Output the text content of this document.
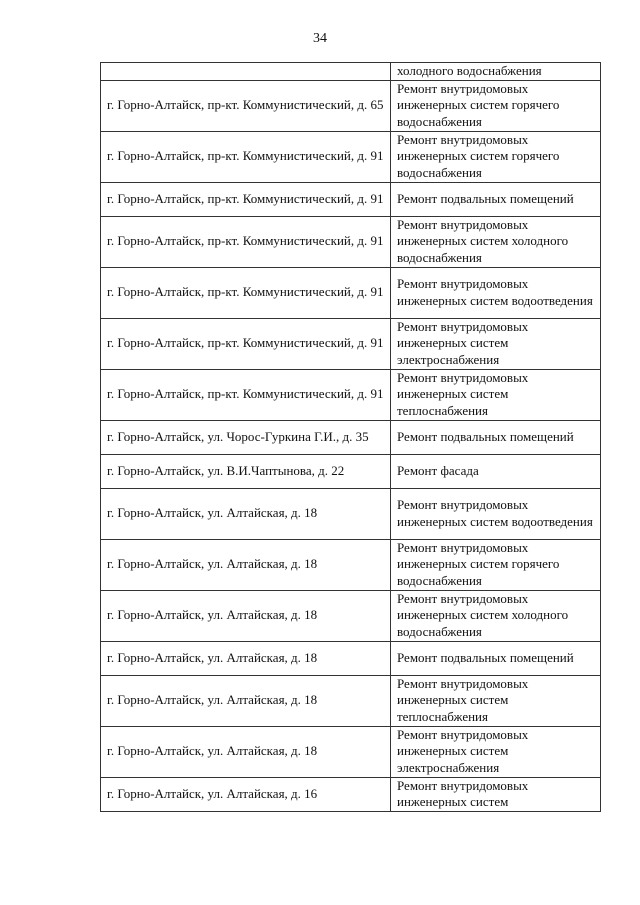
34
	холодного водоснабжения
г. Горно-Алтайск, пр-кт. Коммунистический, д. 65	Ремонт внутридомовых инженерных систем горячего водоснабжения
г. Горно-Алтайск, пр-кт. Коммунистический, д. 91	Ремонт внутридомовых инженерных систем горячего водоснабжения
г. Горно-Алтайск, пр-кт. Коммунистический, д. 91	Ремонт подвальных помещений
г. Горно-Алтайск, пр-кт. Коммунистический, д. 91	Ремонт внутридомовых инженерных систем холодного водоснабжения
г. Горно-Алтайск, пр-кт. Коммунистический, д. 91	Ремонт внутридомовых инженерных систем водоотведения
г. Горно-Алтайск, пр-кт. Коммунистический, д. 91	Ремонт внутридомовых инженерных систем электроснабжения
г. Горно-Алтайск, пр-кт. Коммунистический, д. 91	Ремонт внутридомовых инженерных систем теплоснабжения
г. Горно-Алтайск, ул. Чорос-Гуркина Г.И., д. 35	Ремонт подвальных помещений
г. Горно-Алтайск, ул. В.И.Чаптынова, д. 22	Ремонт фасада
г. Горно-Алтайск, ул. Алтайская, д. 18	Ремонт внутридомовых инженерных систем водоотведения
г. Горно-Алтайск, ул. Алтайская, д. 18	Ремонт внутридомовых инженерных систем горячего водоснабжения
г. Горно-Алтайск, ул. Алтайская, д. 18	Ремонт внутридомовых инженерных систем холодного водоснабжения
г. Горно-Алтайск, ул. Алтайская, д. 18	Ремонт подвальных помещений
г. Горно-Алтайск, ул. Алтайская, д. 18	Ремонт внутридомовых инженерных систем теплоснабжения
г. Горно-Алтайск, ул. Алтайская, д. 18	Ремонт внутридомовых инженерных систем электроснабжения
г. Горно-Алтайск, ул. Алтайская, д. 16	Ремонт внутридомовых инженерных систем
